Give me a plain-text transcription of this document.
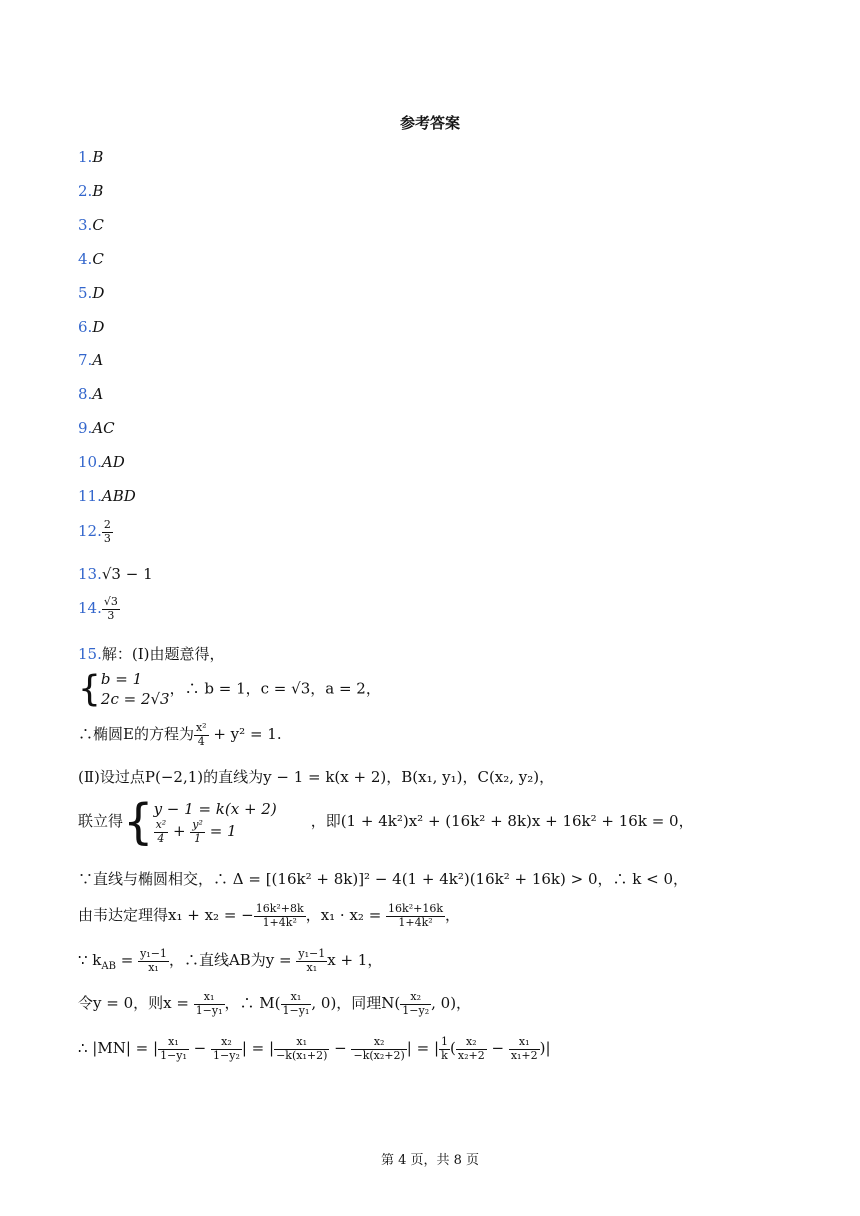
参考答案
1.B
2.B
3.C
4.C
5.D
6.D
7.A
8.A
9.AC
10.AD
11.ABD
12. $\frac{2}{3}$
13.√3 − 1
14. $\frac{√3}{3}$
15.解：(Ⅰ)由题意得，
{ b = 1
2c = 2√3
，∴ b = 1，c = √3，a = 2，
∴椭圆E的方程为 $\frac{\text{x²}}{4} + y^2 = 1$.
(Ⅱ)设过点P(−2,1)的直线为y − 1 = k(x + 2)，B(x₁, y₁)，C(x₂, y₂)，
联立得{ y − 1 = k(x + 2)
$\frac{\text{x²}}{4} + \frac{\text{y²}}{1} = 1$
，即(1 + 4k²)x² + (16k² + 8k)x + 16k² + 16k = 0，
∵直线与椭圆相交，∴ Δ = [(16k² + 8k)]² − 4(1 + 4k²)(16k² + 16k) > 0，∴ k < 0，
由韦达定理得x₁ + x₂ = − $\frac{\text{16k²+8k}}{\text{1+4k²}}$ ，$x_1 \cdot x_2 = \frac{\text{16k²+16k}}{\text{1+4k²}}$ ，
∵ $k_{AB} = \frac{\text{y₁−1}}{\text{x₁}}$ ，∴直线AB为$y = \frac{\text{y₁−1}}{\text{x₁}}$ x + 1，
令y = 0，则$x = \frac{\text{x₁}}{\text{1−y₁}}$ ，∴ $M( \frac{\text{x₁}}{\text{1−y₁}}$ , 0)，同理$N( \frac{\text{x₂}}{\text{1−y₂}}$ , 0)，
∴ |MN| = | $\frac{\text{x₁}}{\text{1−y₁}} - \frac{\text{x₂}}{\text{1−y₂}}$ | = | $\frac{\text{x₁}}{\text{−k(x₁+2)}} - \frac{\text{x₂}}{\text{−k(x₂+2)}}$ | = | $\frac{1}{k}$ ( $\frac{\text{x₂}}{\text{x₂+2}} - \frac{\text{x₁}}{\text{x₁+2}}$ )|
第 4 页，共 8 页
